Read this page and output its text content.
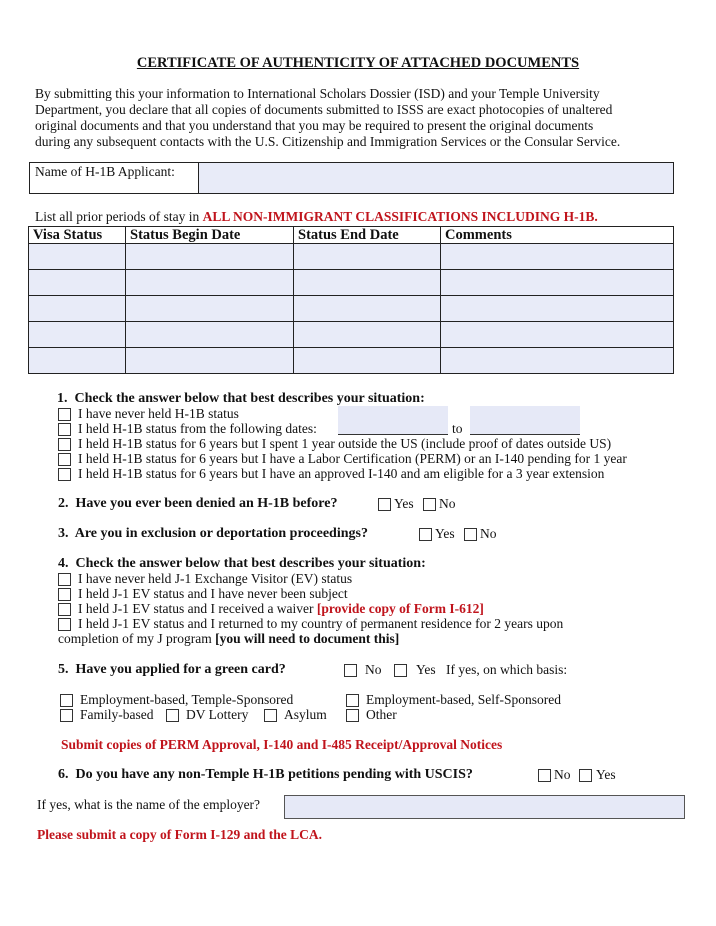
CERTIFICATE OF AUTHENTICITY OF ATTACHED DOCUMENTS
By submitting this your information to International Scholars Dossier (ISD) and your Temple University
Department, you declare that all copies of documents submitted to ISSS are exact photocopies of unaltered
original documents and that you understand that you may be required to present the original documents
during any subsequent contacts with the U.S. Citizenship and Immigration Services or the Consular Service.
Name of H-1B Applicant:
List all prior periods of stay in ALL NON-IMMIGRANT CLASSIFICATIONS INCLUDING H-1B.
Visa Status	Status Begin Date	Status End Date	Comments

1. Check the answer below that best describes your situation:
I have never held H-1B status
I held H-1B status from the following dates:	to
I held H-1B status for 6 years but I spent 1 year outside the US (include proof of dates outside US)
I held H-1B status for 6 years but I have a Labor Certification (PERM) or an I-140 pending for 1 year
I held H-1B status for 6 years but I have an approved I-140 and am eligible for a 3 year extension
2. Have you ever been denied an H-1B before?	Yes No
3. Are you in exclusion or deportation proceedings?	Yes No
4. Check the answer below that best describes your situation:
I have never held J-1 Exchange Visitor (EV) status
I held J-1 EV status and I have never been subject
I held J-1 EV status and I received a waiver [provide copy of Form I-612]
I held J-1 EV status and I returned to my country of permanent residence for 2 years upon
completion of my J program [you will need to document this]
5. Have you applied for a green card?	No	Yes If yes, on which basis:
Employment-based, Temple-Sponsored	Employment-based, Self-Sponsored
Family-based DV Lottery	Asylum	Other
Submit copies of PERM Approval, I-140 and I-485 Receipt/Approval Notices
6. Do you have any non-Temple H-1B petitions pending with USCIS?	No Yes
If yes, what is the name of the employer?
Please submit a copy of Form I-129 and the LCA.
